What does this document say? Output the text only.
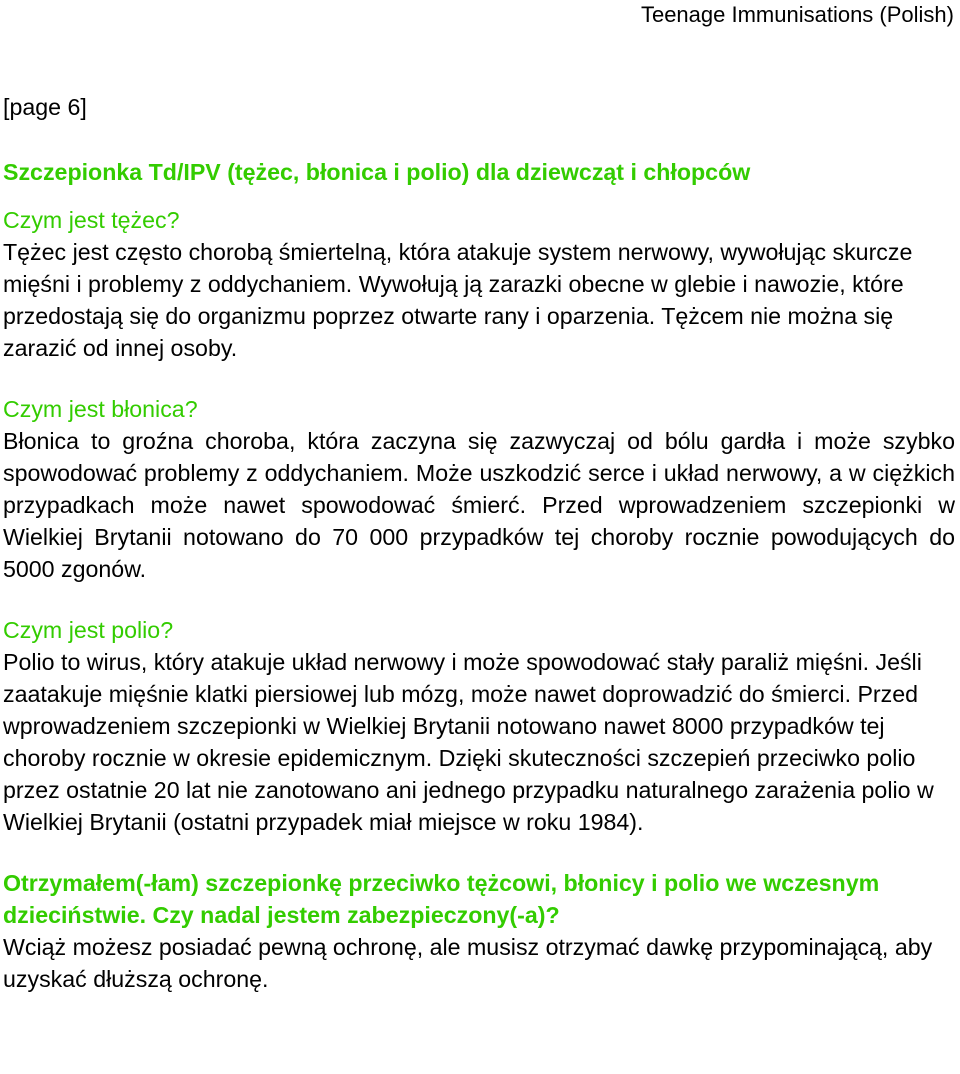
Teenage Immunisations (Polish)

[page 6]

Szczepionka Td/IPV (tężec, błonica i polio) dla dziewcząt i chłopców

Czym jest tężec?

Tężec jest często chorobą śmiertelną, która atakuje system nerwowy, wywołując skurcze mięśni i problemy z oddychaniem. Wywołują ją zarazki obecne w glebie i nawozie, które przedostają się do organizmu poprzez otwarte rany i oparzenia. Tężcem nie można się zarazić od innej osoby.

Czym jest błonica?

Błonica to groźna choroba, która zaczyna się zazwyczaj od bólu gardła i może szybko spowodować problemy z oddychaniem. Może uszkodzić serce i układ nerwowy, a w ciężkich przypadkach może nawet spowodować śmierć. Przed wprowadzeniem szczepionki w Wielkiej Brytanii notowano do 70 000 przypadków tej choroby rocznie powodujących do 5000 zgonów.

Czym jest polio?

Polio to wirus, który atakuje układ nerwowy i może spowodować stały paraliż mięśni. Jeśli zaatakuje mięśnie klatki piersiowej lub mózg, może nawet doprowadzić do śmierci. Przed wprowadzeniem szczepionki w Wielkiej Brytanii notowano nawet 8000 przypadków tej choroby rocznie w okresie epidemicznym. Dzięki skuteczności szczepień przeciwko polio przez ostatnie 20 lat nie zanotowano ani jednego przypadku naturalnego zarażenia polio w Wielkiej Brytanii (ostatni przypadek miał miejsce w roku 1984).

Otrzymałem(-łam) szczepionkę przeciwko tężcowi, błonicy i polio we wczesnym dzieciństwie. Czy nadal jestem zabezpieczony(-a)?

Wciąż możesz posiadać pewną ochronę, ale musisz otrzymać dawkę przypominającą, aby uzyskać dłuższą ochronę.
